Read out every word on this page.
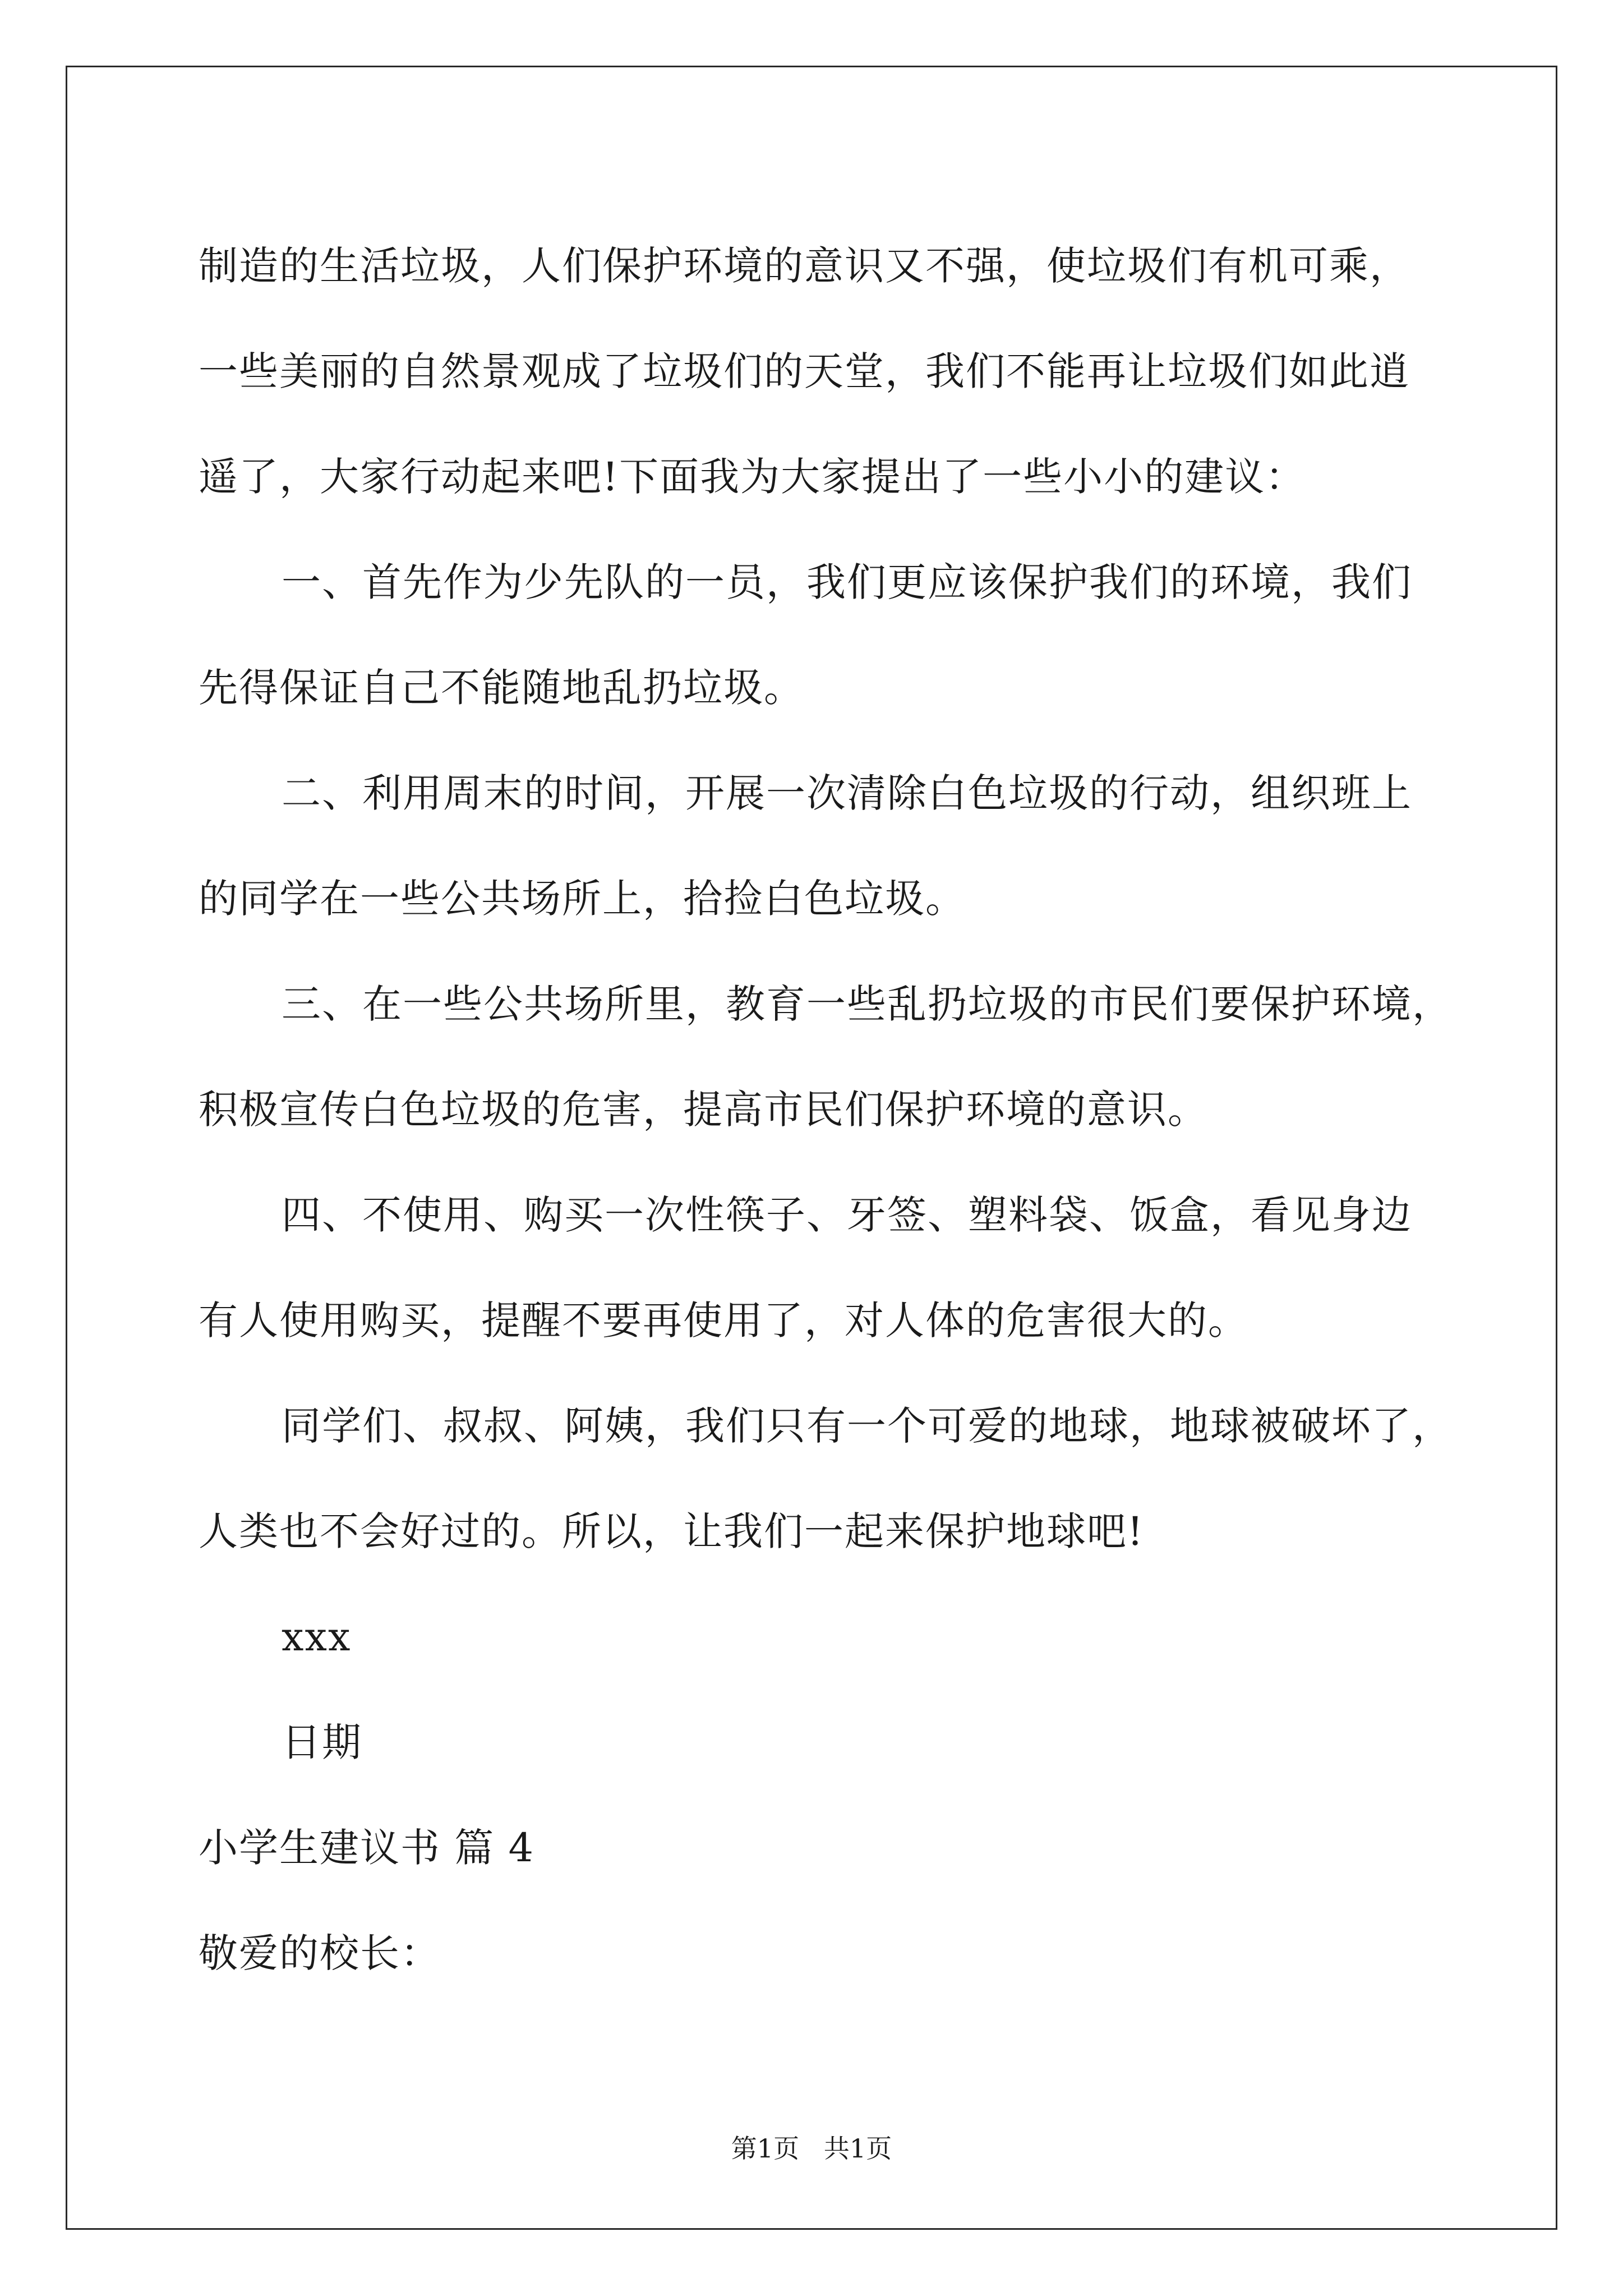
制造的生活垃圾，人们保护环境的意识又不强，使垃圾们有机可乘，
一些美丽的自然景观成了垃圾们的天堂，我们不能再让垃圾们如此逍
遥了，大家行动起来吧!下面我为大家提出了一些小小的建议：
一、首先作为少先队的一员，我们更应该保护我们的环境，我们
先得保证自己不能随地乱扔垃圾。
二、利用周末的时间，开展一次清除白色垃圾的行动，组织班上
的同学在一些公共场所上，拾捡白色垃圾。
三、在一些公共场所里，教育一些乱扔垃圾的市民们要保护环境，
积极宣传白色垃圾的危害，提高市民们保护环境的意识。
四、不使用、购买一次性筷子、牙签、塑料袋、饭盒，看见身边
有人使用购买，提醒不要再使用了，对人体的危害很大的。
同学们、叔叔、阿姨，我们只有一个可爱的地球，地球被破坏了，
人类也不会好过的。所以，让我们一起来保护地球吧!
xxx
日期
小学生建议书 篇 4
敬爱的校长：
第1页   共1页
